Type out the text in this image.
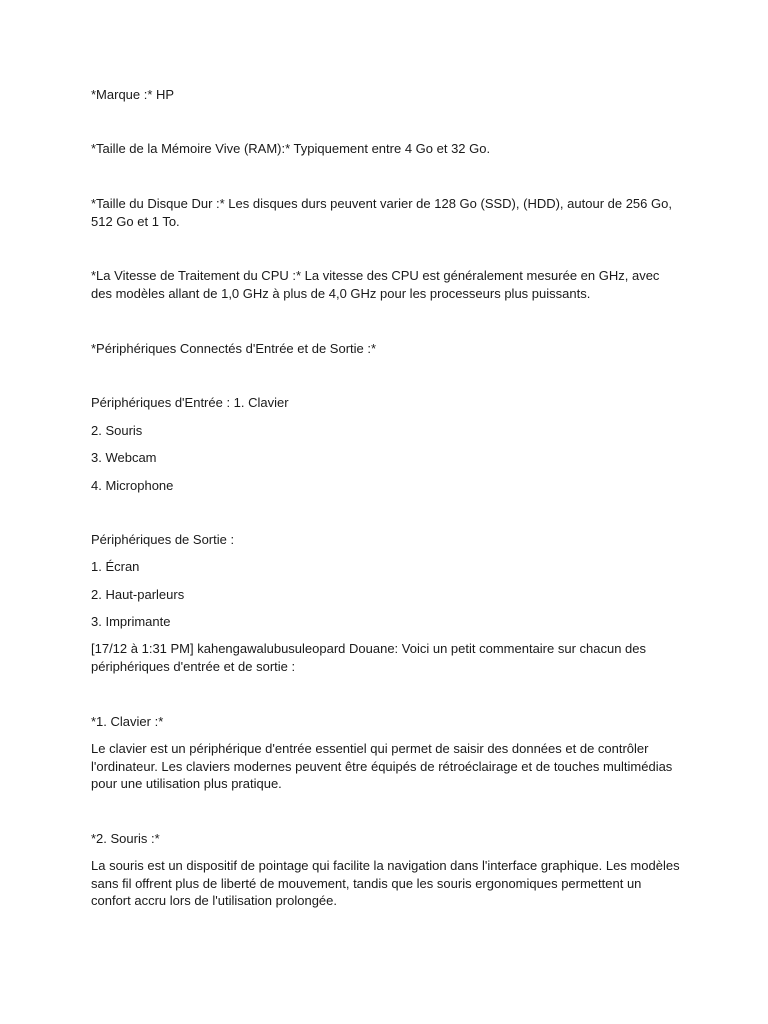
*Marque :* HP

*Taille de la Mémoire Vive (RAM):* Typiquement entre 4 Go et 32 Go.

*Taille du Disque Dur :* Les disques durs peuvent varier de 128 Go (SSD), (HDD), autour de 256 Go, 512 Go et 1 To.

*La Vitesse de Traitement du CPU :* La vitesse des CPU est généralement mesurée en GHz, avec des modèles allant de 1,0 GHz à plus de 4,0 GHz pour les processeurs plus puissants.

*Périphériques Connectés d'Entrée et de Sortie :*

Périphériques d'Entrée : 1. Clavier

2. Souris

3. Webcam

4. Microphone

Périphériques de Sortie :

1. Écran

2. Haut-parleurs

3. Imprimante

[17/12 à 1:31 PM] kahengawalubusuleopard Douane: Voici un petit commentaire sur chacun des périphériques d'entrée et de sortie :

*1. Clavier :*

Le clavier est un périphérique d'entrée essentiel qui permet de saisir des données et de contrôler l'ordinateur. Les claviers modernes peuvent être équipés de rétroéclairage et de touches multimédias pour une utilisation plus pratique.

*2. Souris :*

La souris est un dispositif de pointage qui facilite la navigation dans l'interface graphique. Les modèles sans fil offrent plus de liberté de mouvement, tandis que les souris ergonomiques permettent un confort accru lors de l'utilisation prolongée.
